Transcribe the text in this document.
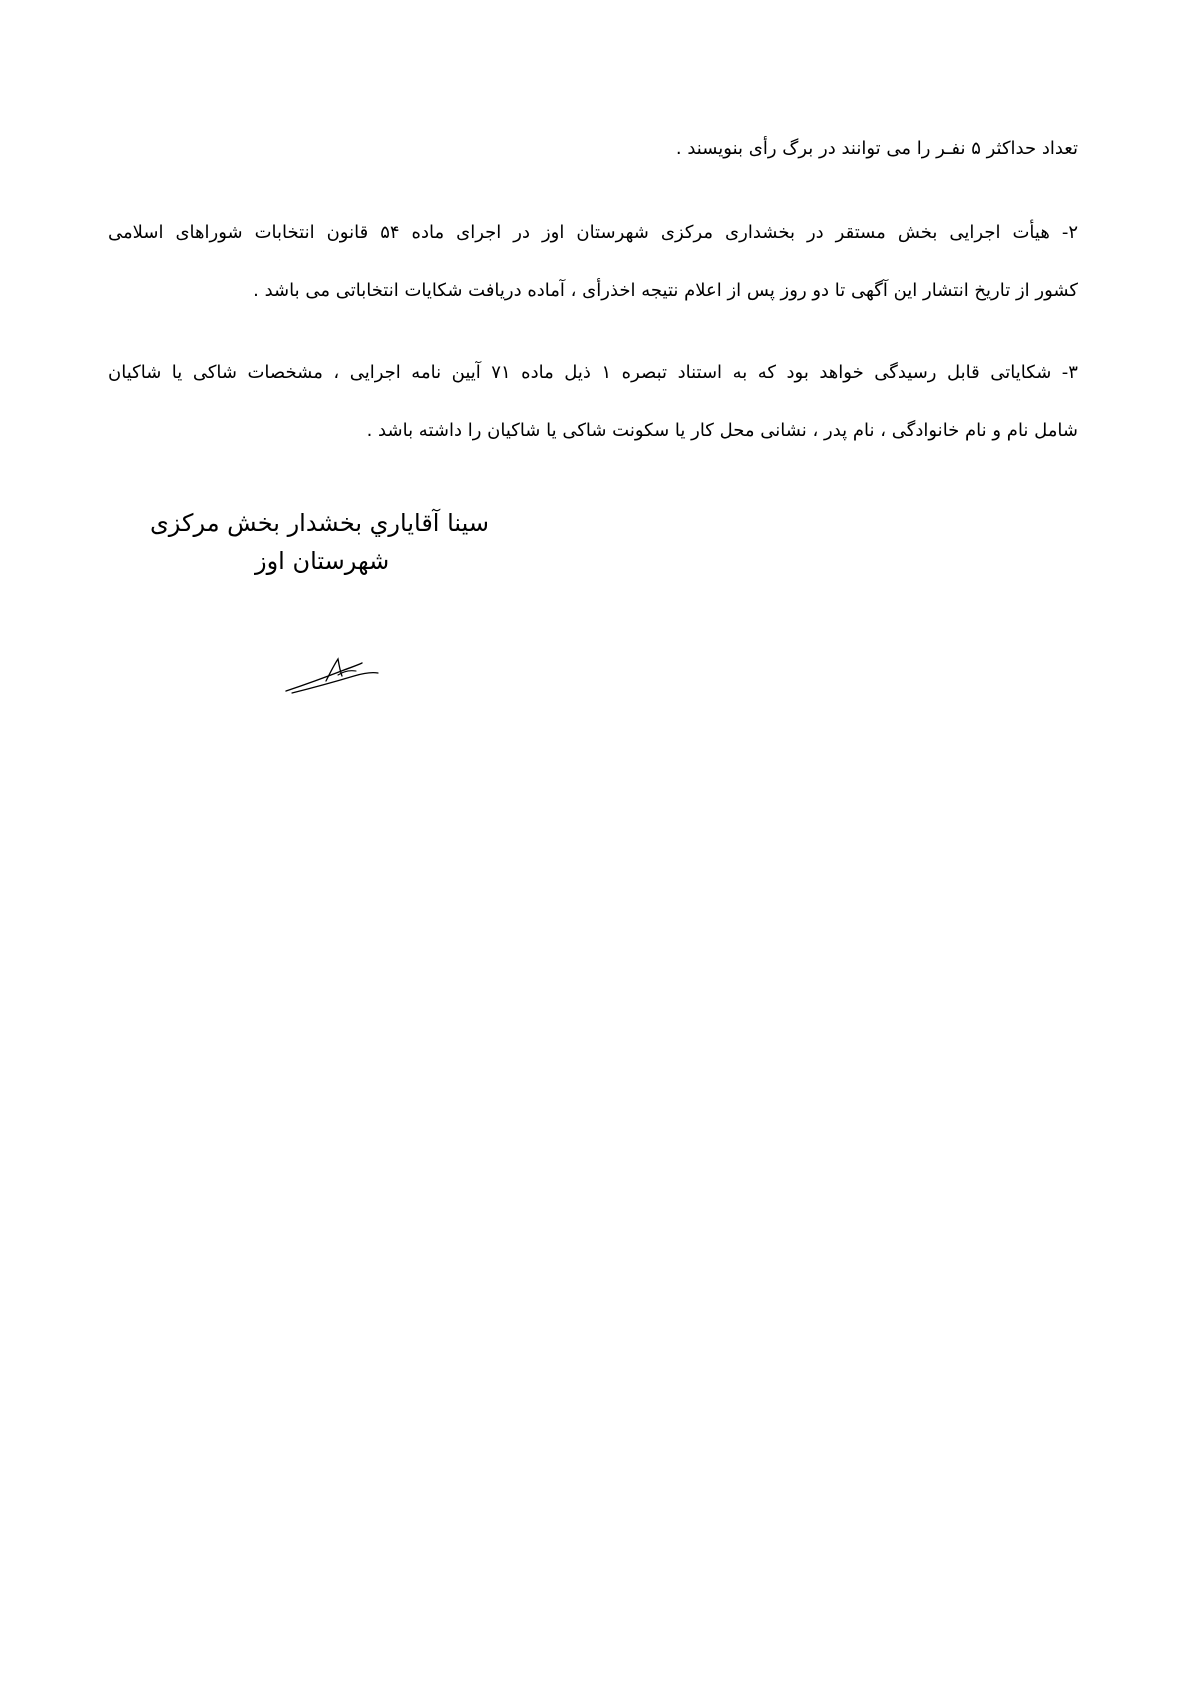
تعداد حداکثر ۵ نفـر را می توانند در برگ رأی بنویسند .
۲- هیأت اجرایی بخش مستقر در بخشداری مرکزی شهرستان اوز در اجرای ماده ۵۴ قانون انتخابات شوراهای اسلامی
کشور از تاریخ انتشار این آگهی تا دو روز پس از اعلام نتیجه اخذرأی ، آماده دریافت شکایات انتخاباتی می باشد .
۳- شکایاتی قابل رسیدگی خواهد بود که به استناد تبصره ۱ ذیل ماده ۷۱ آیین نامه اجرایی ، مشخصات شاکی یا شاکیان
شامل نام و نام خانوادگی ، نام پدر ، نشانی محل کار یا سکونت شاکی یا شاکیان را داشته باشد .
سینا آقایاري بخشدار بخش مرکزی
شهرستان اوز
